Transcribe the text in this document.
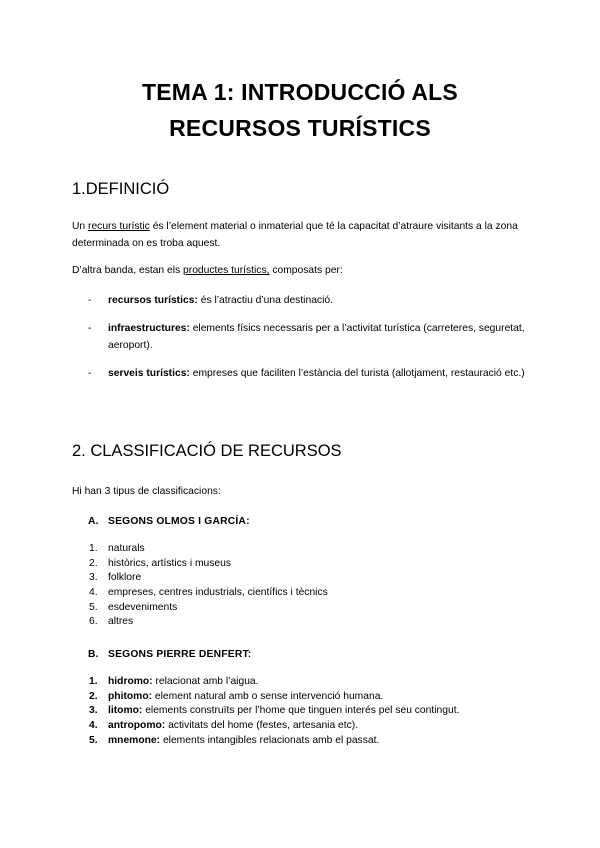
TEMA 1: INTRODUCCIÓ ALS
RECURSOS TURÍSTICS
1.DEFINICIÓ
Un recurs turístic és l’element material o inmaterial que té la capacitat d’atraure visitants a la zona determinada on es troba aquest.
D’altra banda, estan els productes turístics, composats per:
- recursos turístics: és l’atractiu d’una destinació.
- infraestructures: elements físics necessaris per a l’activitat turística (carreteres, seguretat, aeroport).
- serveis turístics: empreses que faciliten l’estància del turista (allotjament, restauració etc.)
2. CLASSIFICACIÓ DE RECURSOS
Hi han 3 tipus de classificacions:
A. SEGONS OLMOS I GARCÍA:
1.	naturals
2.	històrics, artístics i museus
3.	folklore
4.	empreses, centres industrials, científics i tècnics
5.	esdeveniments
6.	altres
B. SEGONS PIERRE DENFERT:
1.	hidromo: relacionat amb l’aigua.
2.	phitomo: element natural amb o sense intervenció humana.
3.	litomo: elements construïts per l’home que tinguen interés pel seu contingut.
4.	antropomo: activitats del home (festes, artesania etc).
5.	mnemone: elements intangibles relacionats amb el passat.
